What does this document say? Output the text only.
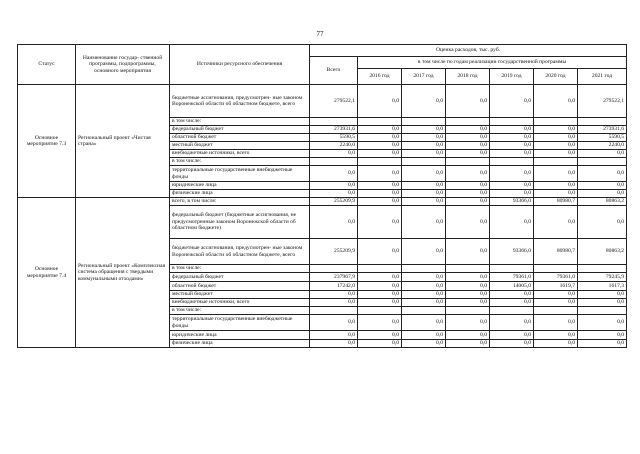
77
Статус	Наименование государ- ственной программы, подпрограммы, основного мероприятия	Источники ресурсного обеспечения	Оценка расходов, тыс. руб.						
			Всего	в том числе по годам реализации государственной программы					
				2016 год	2017 год	2018 год	2019 год	2020 год	2021 год
Основное мероприятие 7.3	Региональный проект «Чистая страна»	бюджетные ассигнования, предусмотрен- ные законом Воронежской области об областном бюджете, всего	279522,1	0,0	0,0	0,0	0,0	0,0	279522,1
		в том числе:							
		федеральный бюджет	273931,6	0,0	0,0	0,0	0,0	0,0	273931,6
		областной бюджет	5590,5	0,0	0,0	0,0	0,0	0,0	5590,5
		местный бюджет	2240,0	0,0	0,0	0,0	0,0	0,0	2240,0
		внебюджетные источники, всего	0,0	0,0	0,0	0,0	0,0	0,0	0,0
		в том числе:							
		территориальные государственные внебюджетные фонды	0,0	0,0	0,0	0,0	0,0	0,0	0,0
		юридические лица	0,0	0,0	0,0	0,0	0,0	0,0	0,0
		физические лица	0,0	0,0	0,0	0,0	0,0	0,0	0,0
Основное мероприятие 7.4	Региональный проект «Комплексная система обращения с твердыми коммунальными отходами»	всего, в том числе:	255209,9	0,0	0,0	0,0	93366,0	80980,7	80863,2
		федеральный бюджет (бюджетные ассигнования, не предусмотренные законом Воронежской области об областном бюджете)	0,0	0,0	0,0	0,0	0,0	0,0	0,0
		бюджетные ассигнования, предусмотрен- ные законом Воронежской области об областном бюджете, всего	255209,9	0,0	0,0	0,0	93366,0	80980,7	80863,2
		в том числе:							
		федеральный бюджет	237967,9	0,0	0,0	0,0	79361,0	79361,0	79245,9
		областной бюджет	17242,0	0,0	0,0	0,0	14005,0	1619,7	1617,3
		местный бюджет	0,0	0,0	0,0	0,0	0,0	0,0	0,0
		внебюджетные источники, всего	0,0	0,0	0,0	0,0	0,0	0,0	0,0
		в том числе:							
		территориальные государственные внебюджетные фонды	0,0	0,0	0,0	0,0	0,0	0,0	0,0
		юридические лица	0,0	0,0	0,0	0,0	0,0	0,0	0,0
		физические лица	0,0	0,0	0,0	0,0	0,0	0,0	0,0
